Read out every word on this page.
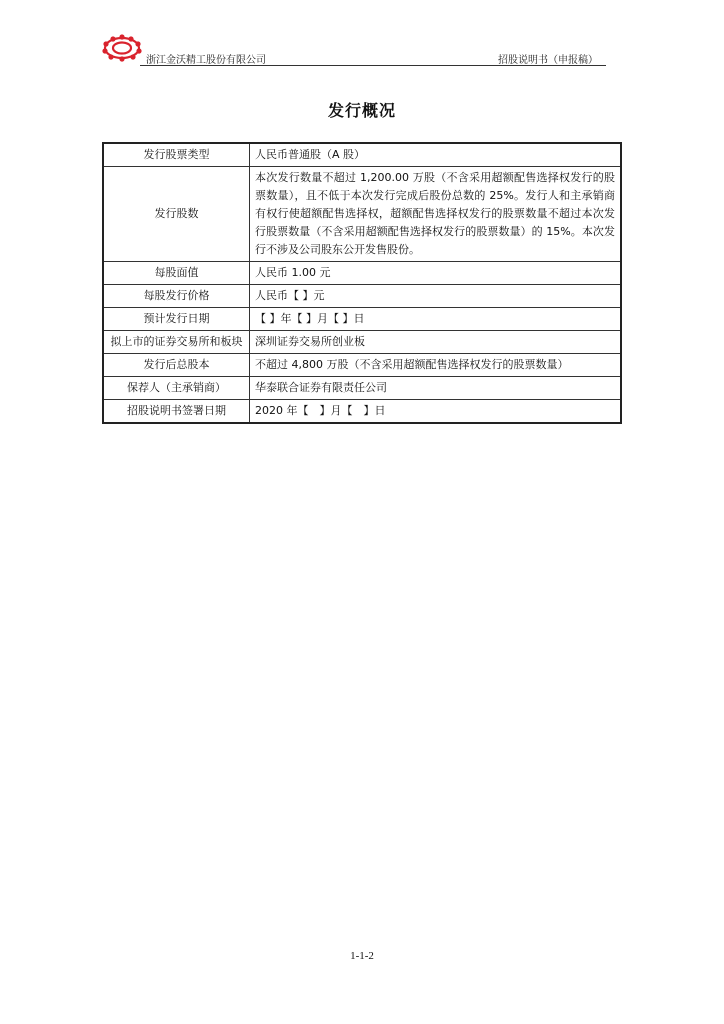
浙江金沃精工股份有限公司	招股说明书（申报稿）
发行概况
发行股票类型	人民币普通股（A 股）
发行股数	本次发行数量不超过 1,200.00 万股（不含采用超额配售选择权发行的股票数量），且不低于本次发行完成后股份总数的 25%。发行人和主承销商有权行使超额配售选择权，超额配售选择权发行的股票数量不超过本次发行股票数量（不含采用超额配售选择权发行的股票数量）的 15%。本次发行不涉及公司股东公开发售股份。
每股面值	人民币 1.00 元
每股发行价格	人民币【 】元
预计发行日期	【 】年【 】月【 】日
拟上市的证券交易所和板块	深圳证券交易所创业板
发行后总股本	不超过 4,800 万股（不含采用超额配售选择权发行的股票数量）
保荐人（主承销商）	华泰联合证券有限责任公司
招股说明书签署日期	2020 年【　】月【　】日
1-1-2
